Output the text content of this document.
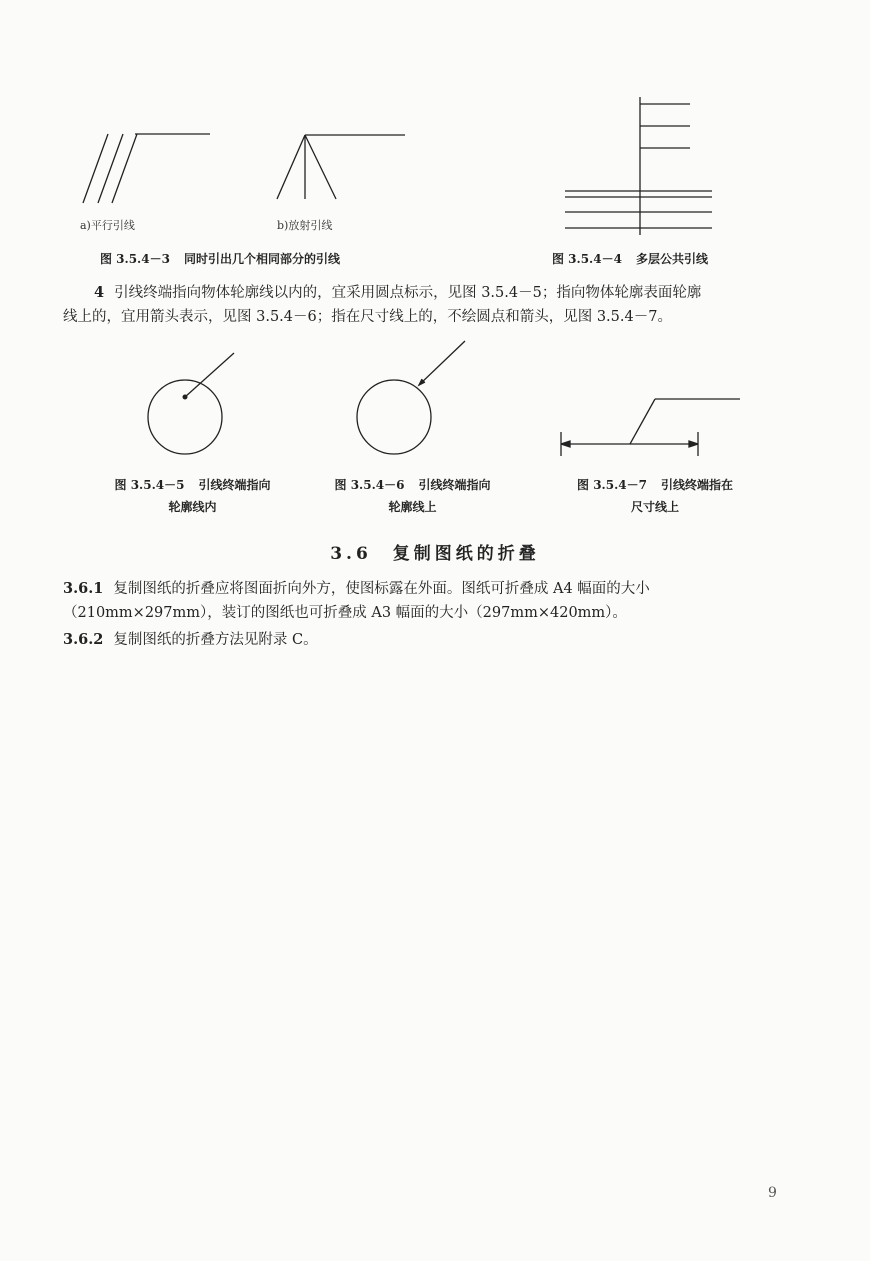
a)平行引线	b)放射引线
图 3.5.4－3 同时引出几个相同部分的引线	图 3.5.4－4 多层公共引线
4 引线终端指向物体轮廓线以内的，宜采用圆点标示，见图 3.5.4－5；指向物体轮廓表面轮廓
线上的，宜用箭头表示，见图 3.5.4－6；指在尺寸线上的，不绘圆点和箭头，见图 3.5.4－7。
图 3.5.4－5 引线终端指向
轮廓线内
图 3.5.4－6 引线终端指向
轮廓线上
图 3.5.4－7 引线终端指在
尺寸线上
3.6　复制图纸的折叠
3.6.1 复制图纸的折叠应将图面折向外方，使图标露在外面。图纸可折叠成 A4 幅面的大小
（210mm×297mm），装订的图纸也可折叠成 A3 幅面的大小（297mm×420mm）。
3.6.2 复制图纸的折叠方法见附录 C。
9
